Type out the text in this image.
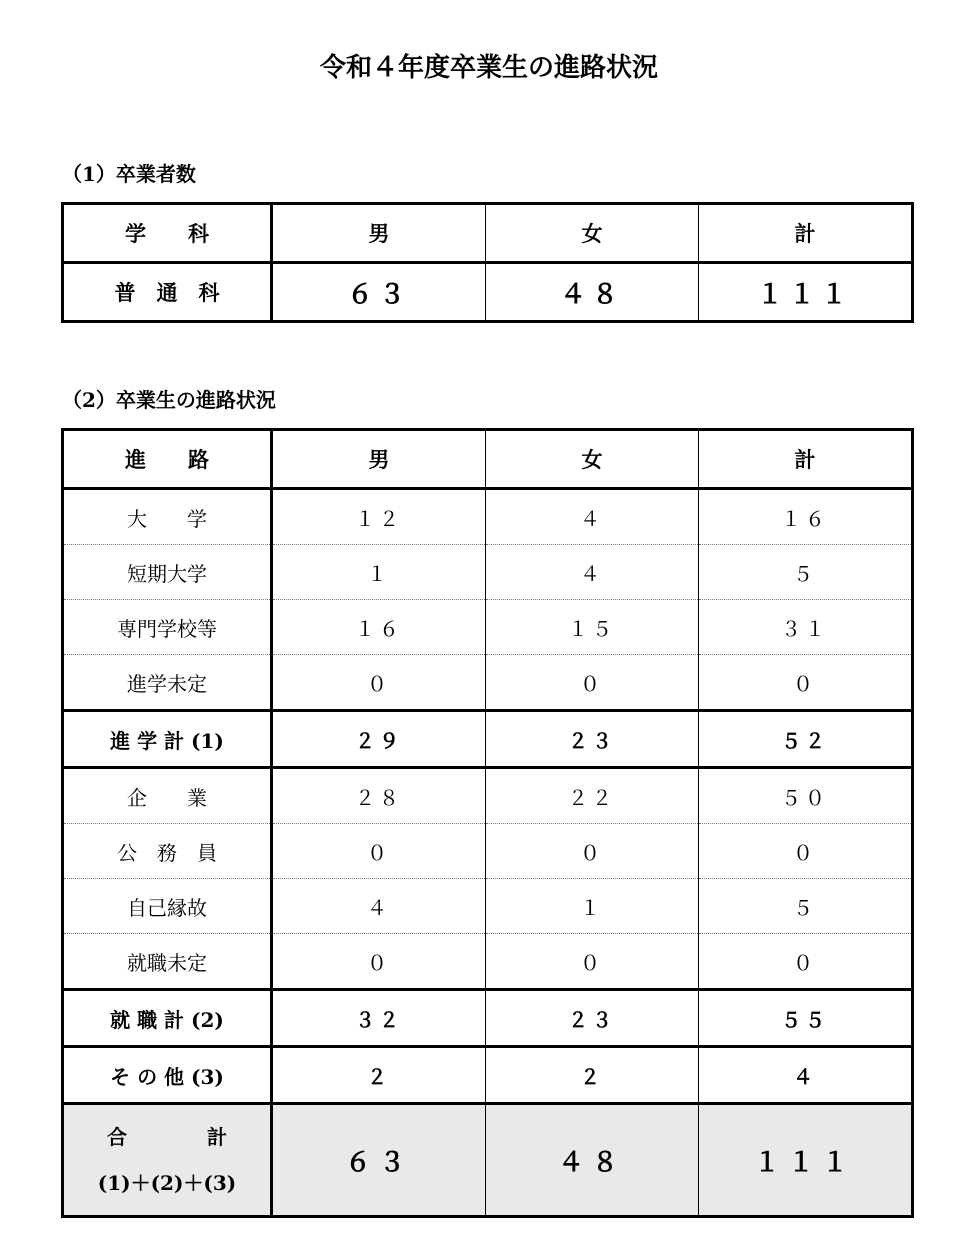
令和４年度卒業生の進路状況
（1）卒業者数
学　　科	男	女	計
普　通　科	６３	４８	１１１
（2）卒業生の進路状況
進　　路	男	女	計
大　　学	１２	４	１６
短期大学	１	４	５
専門学校等	１６	１５	３１
進学未定	０	０	０
進 学 計 (1)	２９	２３	５２
企　　業	２８	２２	５０
公　務　員	０	０	０
自己縁故	４	１	５
就職未定	０	０	０
就 職 計 (2)	３２	２３	５５
そ の 他 (3)	２	２	４

合　　　　計
(1)＋(2)＋(3)	６３	４８	１１１
